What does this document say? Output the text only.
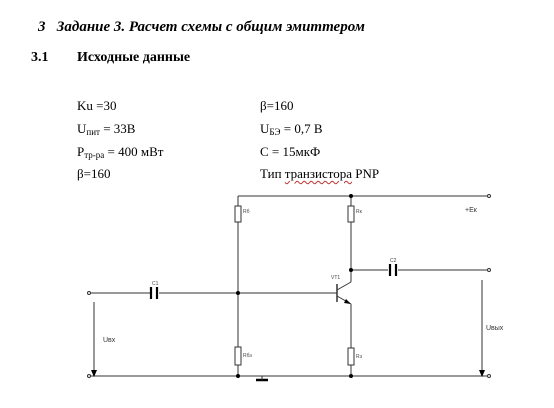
3 Задание 3. Расчет схемы с общим эмиттером
3.1 Исходные данные
Ku =30
$U_{пит} = 33В$
$P_{тр-ра} = 400$ мВт
β=160
β=160
$U_{БЭ} = 0,7$ В
С = 15мкФ
Тип транзистора PNP
Rб	Rк
C1
C2
VT1
Rбэ	Rэ
+Eк
Uвх
Uвых
